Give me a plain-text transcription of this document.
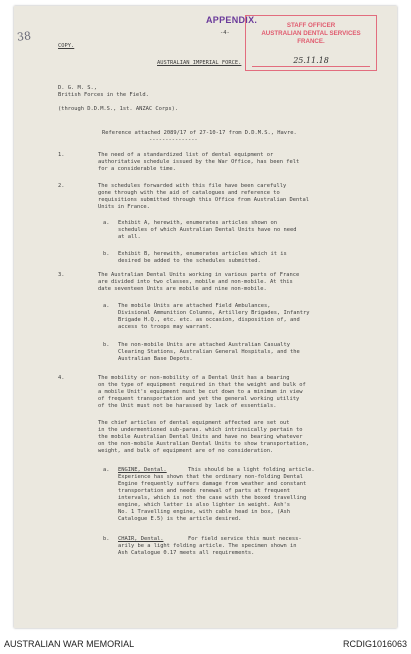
-4-
COPY.
AUSTRALIAN IMPERIAL FORCE.
D. G. M. S.,
British Forces in the Field.
(through D.D.M.S., 1st. ANZAC Corps).
Reference attached 2089/17 of 27-10-17 from D.D.M.S., Havre.
---------------
1.	The need of a standardized list of dental equipment or
authoritative schedule issued by the War Office, has been felt
for a considerable time.
2.	The schedules forwarded with this file have been carefully
gone through with the aid of catalogues and reference to
requisitions submitted through this Office from Australian Dental
Units in France.
a. Exhibit A, herewith, enumerates articles shown on
schedules of which Australian Dental Units have no need
at all.
b. Exhibit B, herewith, enumerates articles which it is
desired be added to the schedules submitted.
3.	The Australian Dental Units working in various parts of France
are divided into two classes, mobile and non-mobile. At this
date seventeen Units are mobile and nine non-mobile.
a. The mobile Units are attached Field Ambulances,
Divisional Ammunition Columns, Artillery Brigades, Infantry
Brigade H.Q., etc. etc. as occasion, disposition of, and
access to troops may warrant.
b. The non-mobile Units are attached Australian Casualty
Clearing Stations, Australian General Hospitals, and the
Australian Base Depots.
4.	The mobility or non-mobility of a Dental Unit has a bearing
on the type of equipment required in that the weight and bulk of
a mobile Unit's equipment must be cut down to a minimum in view
of frequent transportation and yet the general working utility
of the Unit must not be harassed by lack of essentials.
The chief articles of dental equipment affected are set out
in the undermentioned sub-paras. which intrinsically pertain to
the mobile Australian Dental Units and have no bearing whatever
on the non-mobile Australian Dental Units to show transportation,
weight, and bulk of equipment are of no consideration.
a. ENGINE, Dental.	This should be a light folding article.
Experience has shown that the ordinary non-folding Dental
Engine frequently suffers damage from weather and constant
transportation and needs renewal of parts at frequent
intervals, which is not the case with the boxed travelling
engine, which latter is also lighter in weight. Ash's
No. 1 Travelling engine, with cable head in box, (Ash
Catalogue E.5) is the article desired.
b. CHAIR, Dental.	For field service this must necess-
arily be a light folding article. The specimen shown in
Ash Catalogue 0.17 meets all requirements.
38
APPENDIX.
STAFF OFFICER
AUSTRALIAN DENTAL SERVICES
FRANCE.
25.11.18
AUSTRALIAN WAR MEMORIAL	RCDIG1016063
